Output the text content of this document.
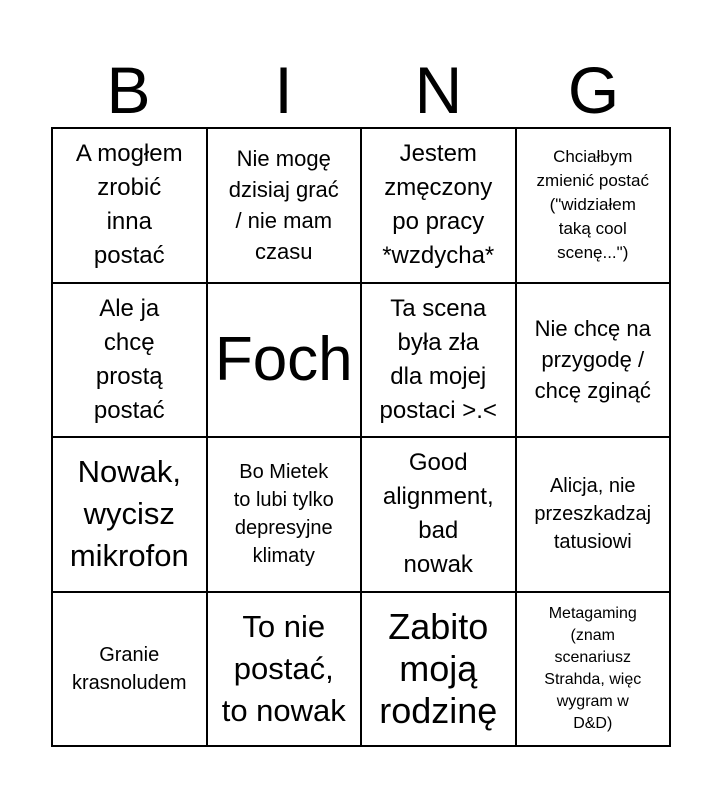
B	I	N	G
A mogłem
zrobić
inna
postać
Nie mogę
dzisiaj grać
/ nie mam
czasu
Jestem
zmęczony
po pracy
*wzdycha*
Chciałbym
zmienić postać
("widziałem
taką cool
scenę...")
Ale ja
chcę
prostą
postać
Foch
Ta scena
była zła
dla mojej
postaci >.<
Nie chcę na
przygodę /
chcę zginąć
Nowak,
wycisz
mikrofon
Bo Mietek
to lubi tylko
depresyjne
klimaty
Good
alignment,
bad
nowak
Alicja, nie
przeszkadzaj
tatusiowi
Granie
krasnoludem
To nie
postać,
to nowak
Zabito
moją
rodzinę
Metagaming
(znam
scenariusz
Strahda, więc
wygram w
D&D)
